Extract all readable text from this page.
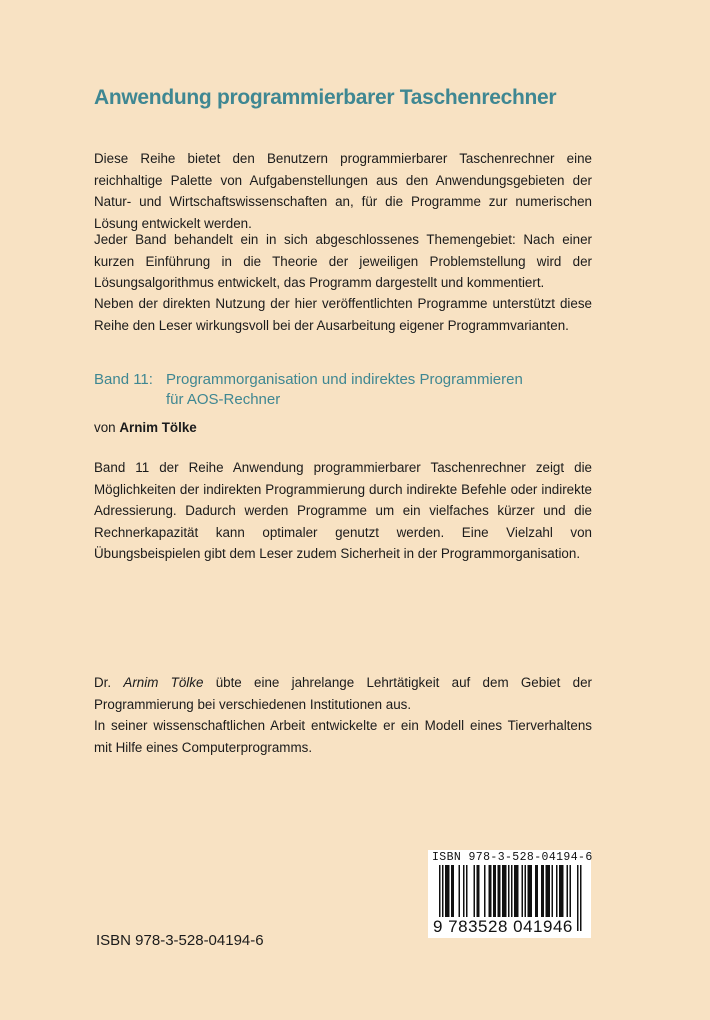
Anwendung programmierbarer Taschenrechner

Diese Reihe bietet den Benutzern programmierbarer Taschenrechner eine reichhaltige Palette von Aufgabenstellungen aus den Anwendungsgebieten der Natur- und Wirtschaftswissenschaften an, für die Programme zur numerischen Lösung entwickelt werden.

Jeder Band behandelt ein in sich abgeschlossenes Themengebiet: Nach einer kurzen Einführung in die Theorie der jeweiligen Problemstellung wird der Lösungsalgorithmus entwickelt, das Programm dargestellt und kommentiert.

Neben der direkten Nutzung der hier veröffentlichten Programme unterstützt diese Reihe den Leser wirkungsvoll bei der Ausarbeitung eigener Programmvarianten.

Band 11: Programmorganisation und indirektes Programmieren
für AOS-Rechner
von Arnim Tölke

Band 11 der Reihe Anwendung programmierbarer Taschenrechner zeigt die Möglichkeiten der indirekten Programmierung durch indirekte Befehle oder indirekte Adressierung. Dadurch werden Programme um ein vielfaches kürzer und die Rechnerkapazität kann optimaler genutzt werden. Eine Vielzahl von Übungsbeispielen gibt dem Leser zudem Sicherheit in der Programmorganisation.

Dr. Arnim Tölke übte eine jahrelange Lehrtätigkeit auf dem Gebiet der Programmierung bei verschiedenen Institutionen aus.
In seiner wissenschaftlichen Arbeit entwickelte er ein Modell eines Tierverhaltens mit Hilfe eines Computerprogramms.
ISBN 978-3-528-04194-6
9 783528 041946
ISBN 978-3-528-04194-6
